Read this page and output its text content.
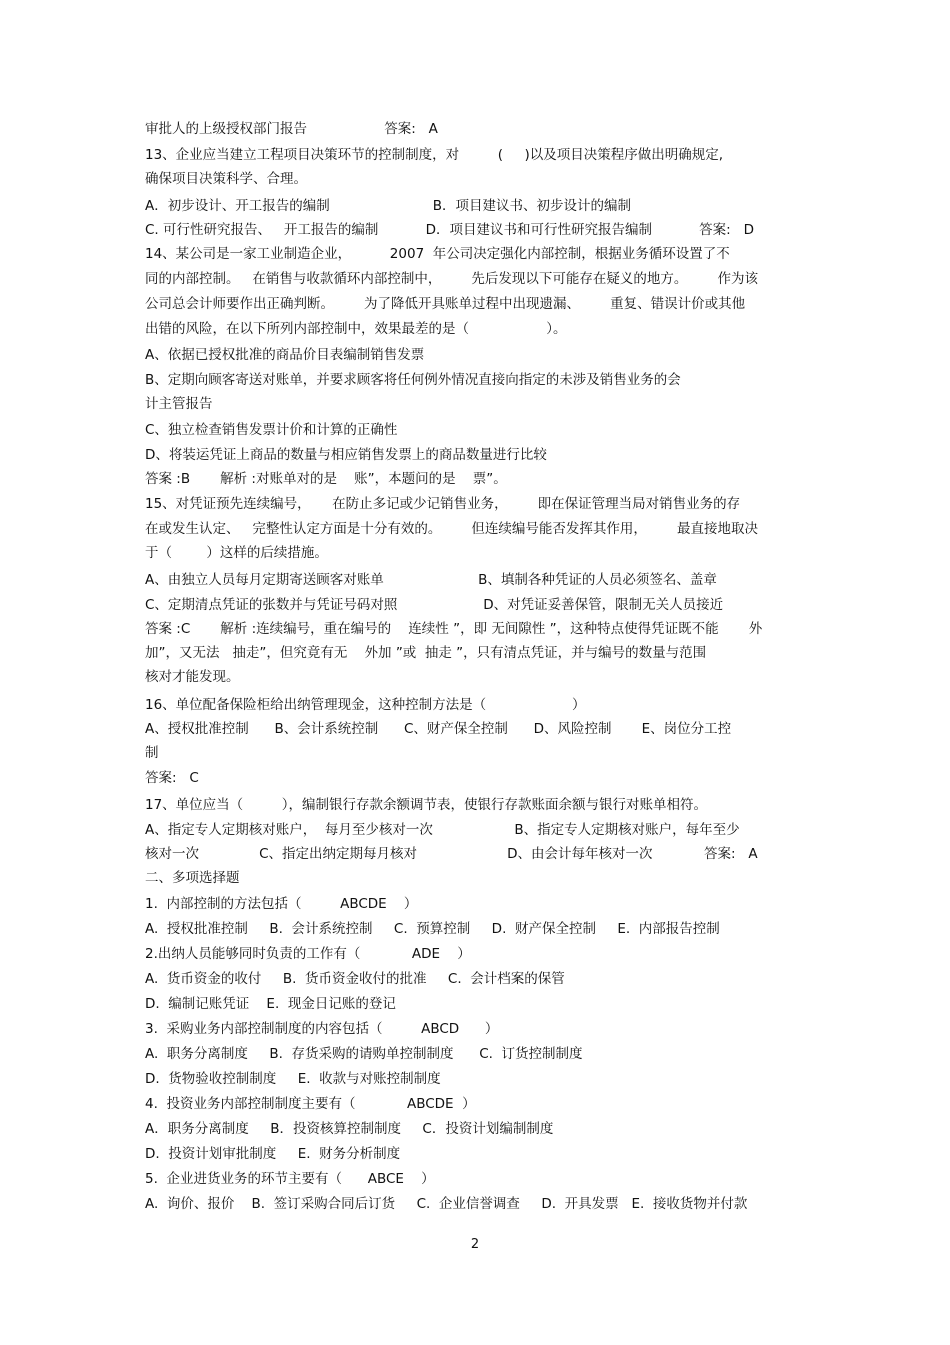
审批人的上级授权部门报告                  答案:   A
13、企业应当建立工程项目决策环节的控制制度，对         (     )以及项目决策程序做出明确规定,
确保项目决策科学、合理。
A．初步设计、开工报告的编制                        B．项目建议书、初步设计的编制
C. 可行性研究报告、   开工报告的编制           D．项目建议书和可行性研究报告编制           答案:   D
14、某公司是一家工业制造企业，         2007  年公司决定强化内部控制，根据业务循环设置了不
同的内部控制。   在销售与收款循环内部控制中，       先后发现以下可能存在疑义的地方。       作为该
公司总会计师要作出正确判断。       为了降低开具账单过程中出现遗漏、       重复、错误计价或其他
出错的风险，在以下所列内部控制中，效果最差的是（                  ）。
A、依据已授权批准的商品价目表编制销售发票
B、定期向顾客寄送对账单，并要求顾客将任何例外情况直接向指定的未涉及销售业务的会
计主管报告
C、独立检查销售发票计价和计算的正确性
D、将装运凭证上商品的数量与相应销售发票上的商品数量进行比较
答案 :B       解析 :对账单对的是    账”，本题问的是    票”。
15、对凭证预先连续编号，     在防止多记或少记销售业务，       即在保证管理当局对销售业务的存
在或发生认定、   完整性认定方面是十分有效的。       但连续编号能否发挥其作用，       最直接地取决
于（        ）这样的后续措施。
A、由独立人员每月定期寄送顾客对账单                      B、填制各种凭证的人员必须签名、盖章
C、定期清点凭证的张数并与凭证号码对照                    D、对凭证妥善保管，限制无关人员接近
答案 :C       解析 :连续编号，重在编号的    连续性 ”，即 无间隙性 ”，这种特点使得凭证既不能       外
加”，又无法   抽走”，但究竟有无    外加 ”或  抽走 ”，只有清点凭证，并与编号的数量与范围
核对才能发现。
16、单位配备保险柜给出纳管理现金，这种控制方法是（                    ）
A、授权批准控制      B、会计系统控制      C、财产保全控制      D、风险控制       E、岗位分工控
制
答案:   C
17、单位应当（         ），编制银行存款余额调节表，使银行存款账面余额与银行对账单相符。
A、指定专人定期核对账户，  每月至少核对一次                   B、指定专人定期核对账户，每年至少
核对一次              C、指定出纳定期每月核对                     D、由会计每年核对一次            答案:   A
二、多项选择题
1.  内部控制的方法包括（         ABCDE    ）
A.  授权批准控制     B.  会计系统控制     C.  预算控制     D.  财产保全控制     E.  内部报告控制
2.出纳人员能够同时负责的工作有（            ADE    ）
A.  货币资金的收付     B.  货币资金收付的批准     C.  会计档案的保管
D.  编制记账凭证    E.  现金日记账的登记
3.  采购业务内部控制制度的内容包括（         ABCD      ）
A.  职务分离制度     B.  存货采购的请购单控制制度      C.  订货控制制度
D.  货物验收控制制度     E.  收款与对账控制制度
4.  投资业务内部控制制度主要有（            ABCDE  ）
A．职务分离制度     B．投资核算控制制度     C．投资计划编制制度
D.  投资计划审批制度     E.  财务分析制度
5.  企业进货业务的环节主要有（      ABCE    ）
A.  询价、报价    B.  签订采购合同后订货     C.  企业信誉调查     D.  开具发票   E.  接收货物并付款
2
